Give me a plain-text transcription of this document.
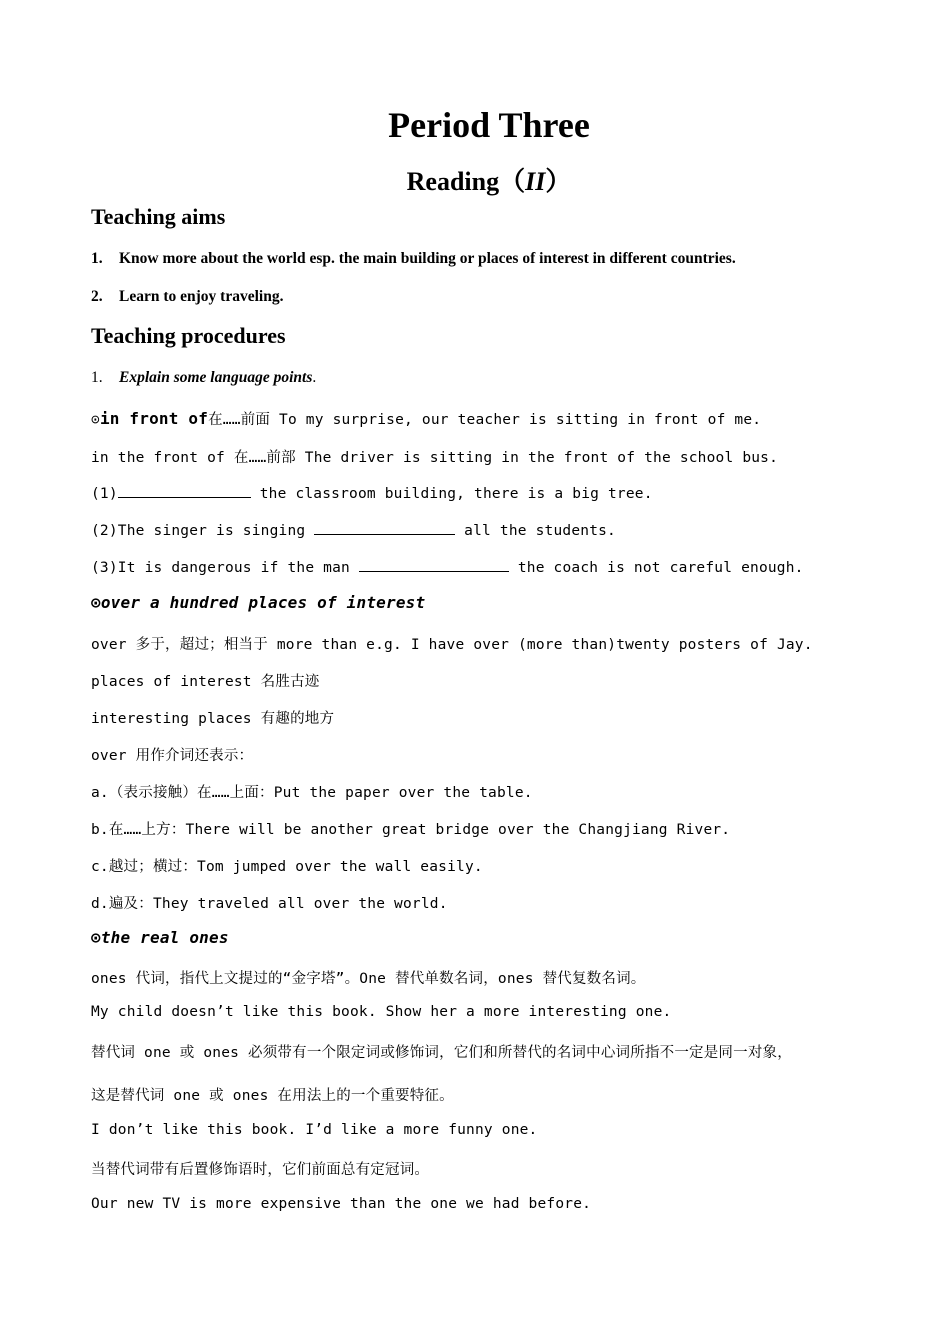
Period Three
Reading（II）
Teaching aims
1. Know more about the world esp. the main building or places of interest in different countries.
2. Learn to enjoy traveling.
Teaching procedures
1. Explain some language points.
⊙in front of在……前面 To my surprise, our teacher is sitting in front of me.
in the front of 在……前部 The driver is sitting in the front of the school bus.
(1)	the classroom building, there is a big tree.
(2)The singer is singing	all the students.
(3)It is dangerous if the man	the coach is not careful enough.
⊙over a hundred places of interest
over 多于，超过；相当于 more than e.g. I have over (more than)twenty posters of Jay.
places of interest 名胜古迹
interesting places 有趣的地方
over 用作介词还表示：
a.（表示接触）在……上面：Put the paper over the table.
b.在……上方：There will be another great bridge over the Changjiang River.
c.越过；横过：Tom jumped over the wall easily.
d.遍及：They traveled all over the world.
⊙the real ones
ones 代词，指代上文提过的“金字塔”。One 替代单数名词，ones 替代复数名词。
My child doesn’t like this book. Show her a more interesting one.
替代词 one 或 ones 必须带有一个限定词或修饰词，它们和所替代的名词中心词所指不一定是同一对象，
这是替代词 one 或 ones 在用法上的一个重要特征。
I don’t like this book. I’d like a more funny one.
当替代词带有后置修饰语时，它们前面总有定冠词。
Our new TV is more expensive than the one we had before.
